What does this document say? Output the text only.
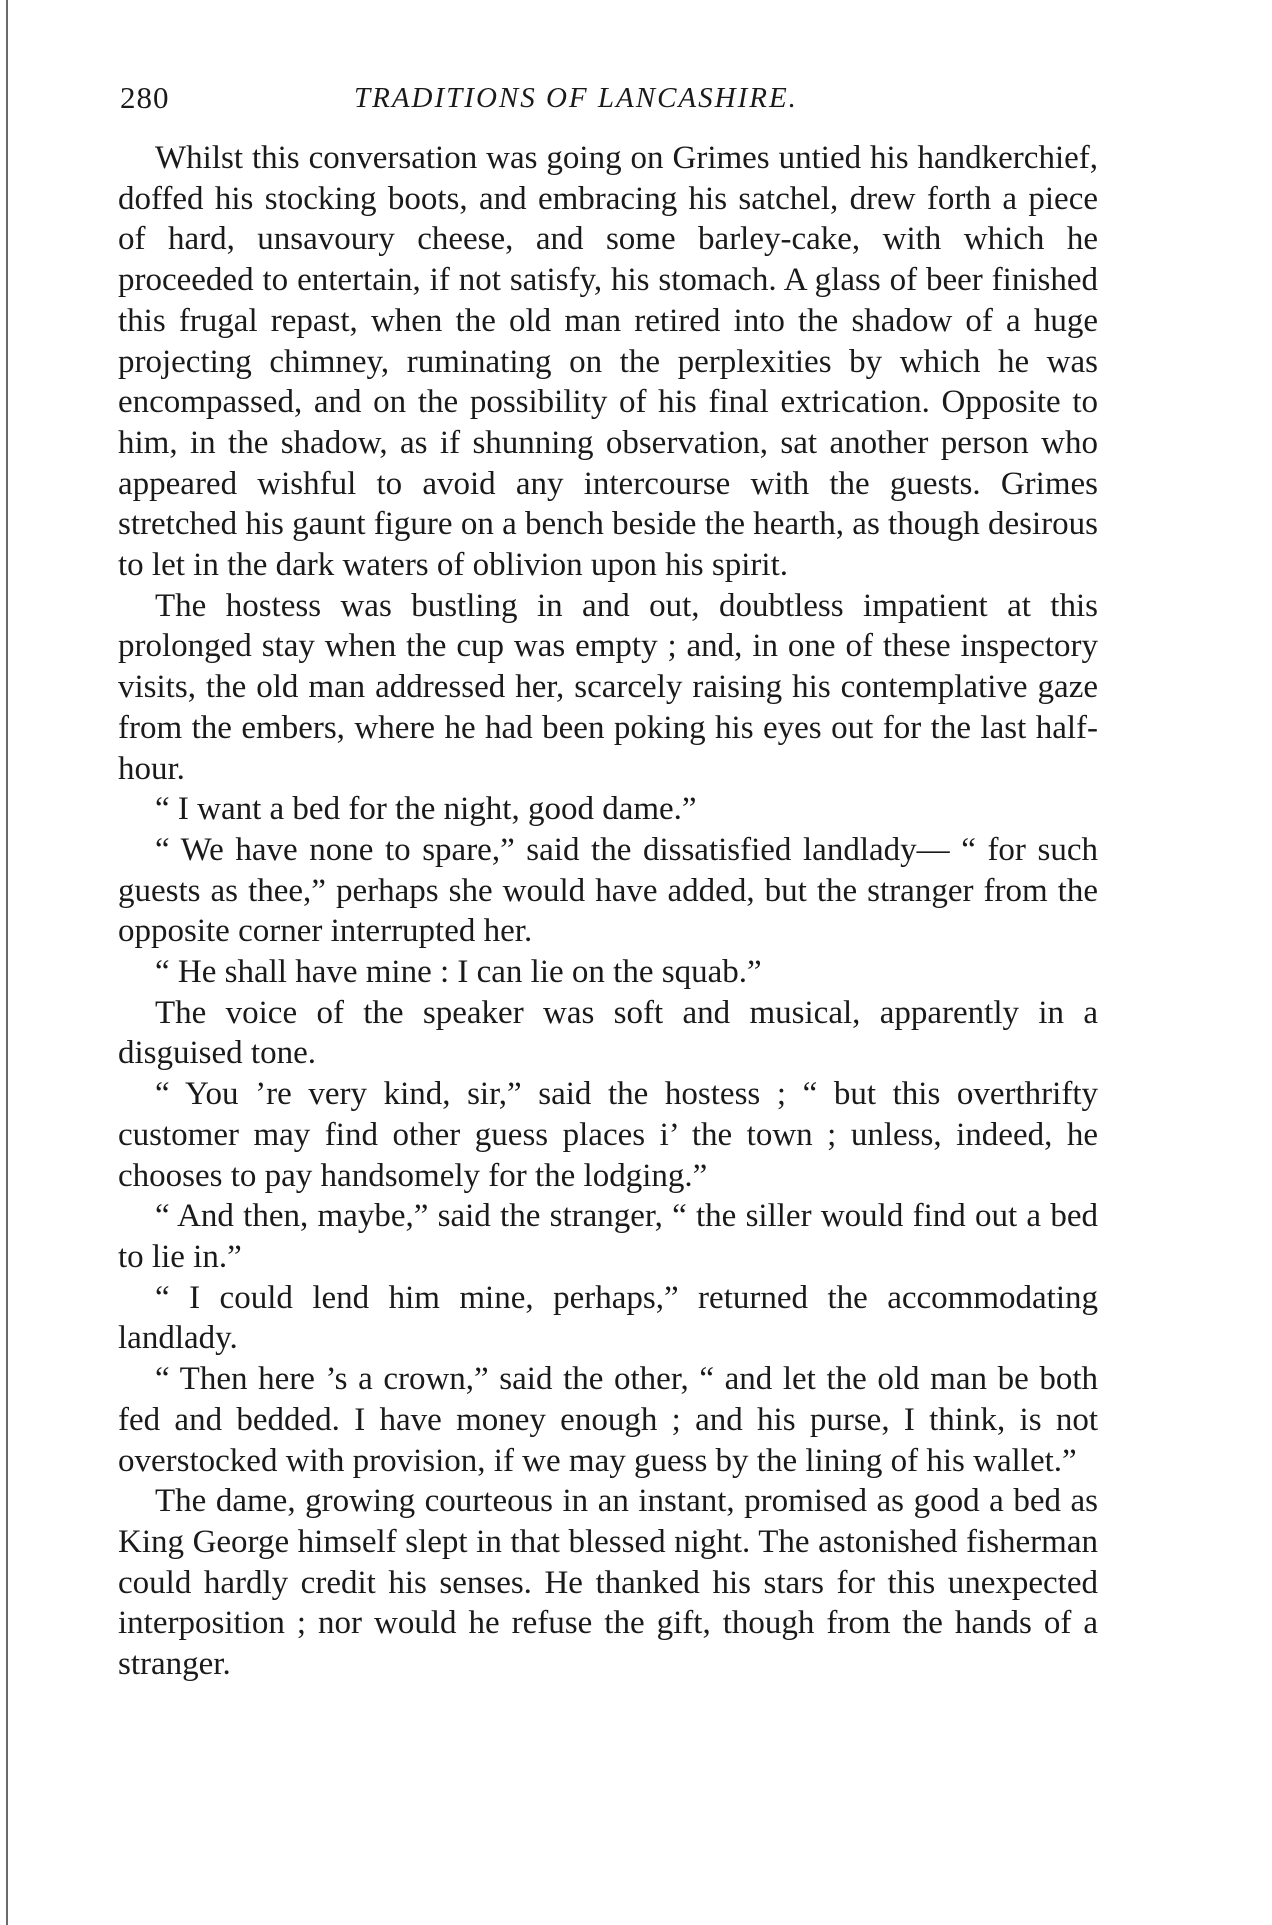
280	TRADITIONS OF LANCASHIRE.

Whilst this conversation was going on Grimes untied his handkerchief, doffed his stocking boots, and embracing his satchel, drew forth a piece of hard, unsavoury cheese, and some barley-cake, with which he proceeded to entertain, if not satisfy, his stomach. A glass of beer finished this frugal repast, when the old man retired into the shadow of a huge projecting chimney, ruminating on the perplexities by which he was encompassed, and on the possibility of his final extrication. Opposite to him, in the shadow, as if shunning observation, sat another person who appeared wishful to avoid any intercourse with the guests. Grimes stretched his gaunt figure on a bench beside the hearth, as though desirous to let in the dark waters of oblivion upon his spirit.

The hostess was bustling in and out, doubtless impatient at this prolonged stay when the cup was empty ; and, in one of these inspectory visits, the old man addressed her, scarcely raising his contemplative gaze from the embers, where he had been poking his eyes out for the last half-hour.

“ I want a bed for the night, good dame.”

“ We have none to spare,” said the dissatisfied landlady— “ for such guests as thee,” perhaps she would have added, but the stranger from the opposite corner interrupted her.

“ He shall have mine : I can lie on the squab.”

The voice of the speaker was soft and musical, apparently in a disguised tone.

“ You ’re very kind, sir,” said the hostess ; “ but this overthrifty customer may find other guess places i’ the town ; unless, indeed, he chooses to pay handsomely for the lodging.”

“ And then, maybe,” said the stranger, “ the siller would find out a bed to lie in.”

“ I could lend him mine, perhaps,” returned the accommodating landlady.

“ Then here ’s a crown,” said the other, “ and let the old man be both fed and bedded. I have money enough ; and his purse, I think, is not overstocked with provision, if we may guess by the lining of his wallet.”

The dame, growing courteous in an instant, promised as good a bed as King George himself slept in that blessed night. The astonished fisherman could hardly credit his senses. He thanked his stars for this unexpected interposition ; nor would he refuse the gift, though from the hands of a stranger.
